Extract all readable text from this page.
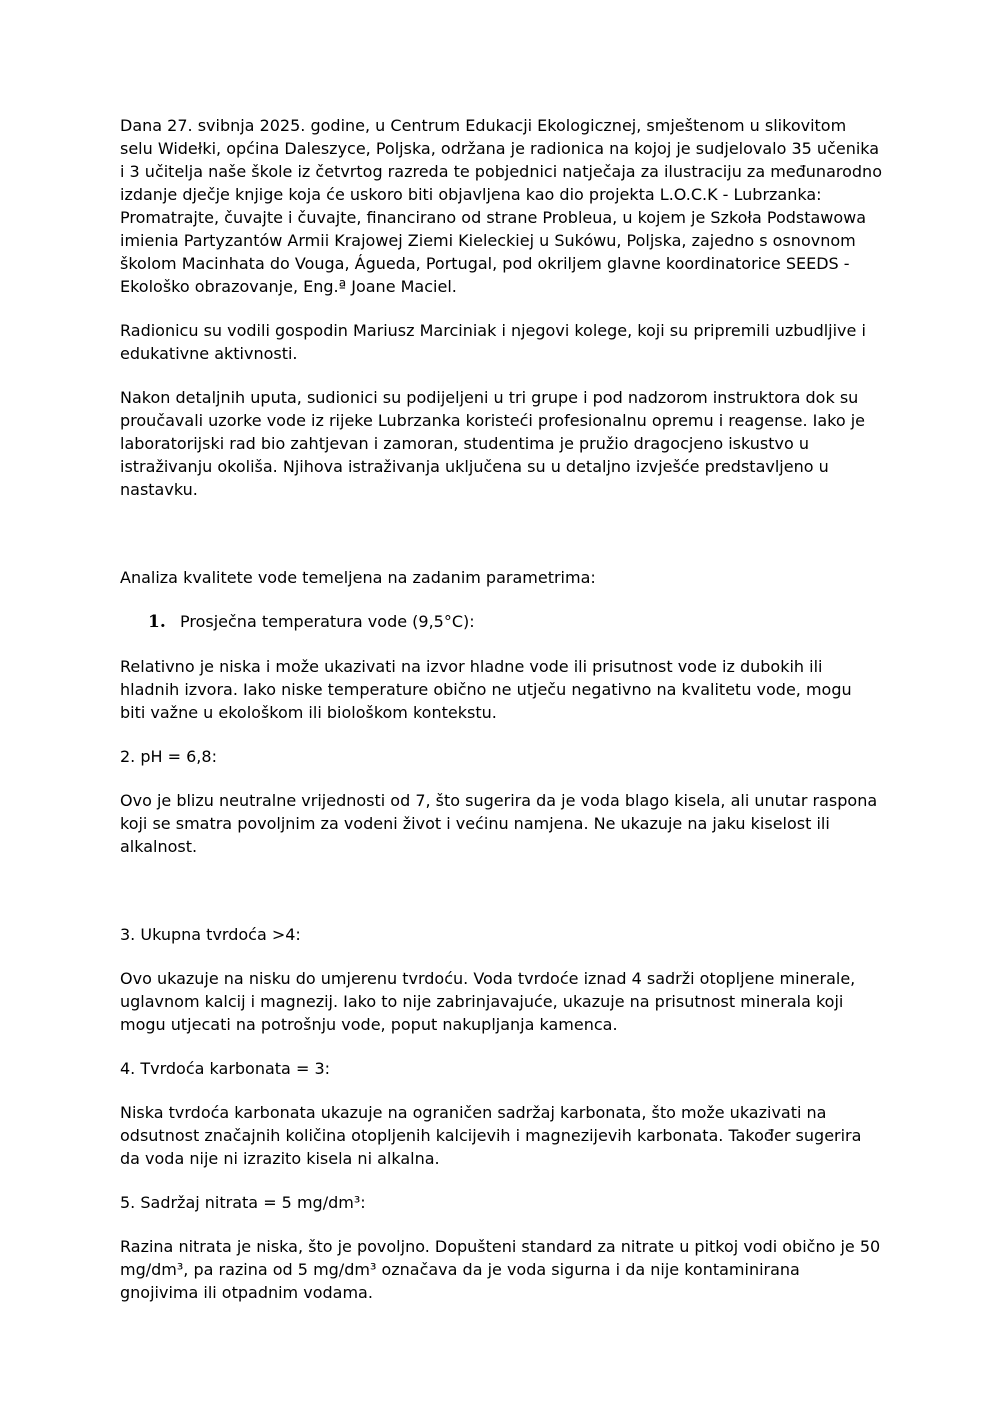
Dana 27. svibnja 2025. godine, u Centrum Edukacji Ekologicznej, smještenom u slikovitom selu Widełki, općina Daleszyce, Poljska, održana je radionica na kojoj je sudjelovalo 35 učenika i 3 učitelja naše škole iz četvrtog razreda te pobjednici natječaja za ilustraciju za međunarodno izdanje dječje knjige koja će uskoro biti objavljena kao dio projekta L.O.C.K - Lubrzanka:  Promatrajte, čuvajte i čuvajte, financirano od strane Probleua, u kojem je Szkoła Podstawowa imienia Partyzantów Armii Krajowej Ziemi Kieleckiej u Sukówu, Poljska, zajedno s osnovnom školom Macinhata do Vouga, Águeda, Portugal, pod okriljem glavne koordinatorice SEEDS - Ekološko obrazovanje, Eng.ª Joane Maciel.

Radionicu su vodili gospodin Mariusz Marciniak i njegovi kolege, koji su pripremili uzbudljive i edukativne aktivnosti.

Nakon detaljnih uputa, sudionici su podijeljeni u tri grupe i pod nadzorom instruktora dok su proučavali uzorke vode iz rijeke Lubrzanka koristeći profesionalnu opremu i reagense. Iako je laboratorijski rad bio zahtjevan i zamoran, studentima je pružio dragocjeno iskustvo u istraživanju okoliša. Njihova istraživanja uključena su u detaljno izvješće predstavljeno u nastavku.

Analiza kvalitete vode temeljena na zadanim parametrima:

1. Prosječna temperatura vode (9,5°C):

Relativno je niska i može ukazivati na izvor hladne vode ili prisutnost vode iz dubokih ili hladnih izvora. Iako niske temperature obično ne utječu negativno na kvalitetu vode, mogu biti važne u ekološkom ili biološkom kontekstu.

2. pH = 6,8:

Ovo je blizu neutralne vrijednosti od 7, što sugerira da je voda blago kisela, ali unutar raspona koji se smatra povoljnim za vodeni život i većinu namjena. Ne ukazuje na jaku kiselost ili alkalnost.

3. Ukupna tvrdoća >4:

Ovo ukazuje na nisku do umjerenu tvrdoću. Voda tvrdoće iznad 4 sadrži otopljene minerale, uglavnom kalcij i magnezij. Iako to nije zabrinjavajuće, ukazuje na prisutnost minerala koji mogu utjecati na potrošnju vode, poput nakupljanja kamenca.

4. Tvrdoća karbonata = 3:

Niska tvrdoća karbonata ukazuje na ograničen sadržaj karbonata, što može ukazivati na odsutnost značajnih količina otopljenih kalcijevih i magnezijevih karbonata. Također sugerira da voda nije ni izrazito kisela ni alkalna.

5. Sadržaj nitrata = 5 mg/dm³:

Razina nitrata je niska, što je povoljno. Dopušteni standard za nitrate u pitkoj vodi obično je 50 mg/dm³, pa razina od 5 mg/dm³ označava da je voda sigurna i da nije kontaminirana gnojivima ili otpadnim vodama.
